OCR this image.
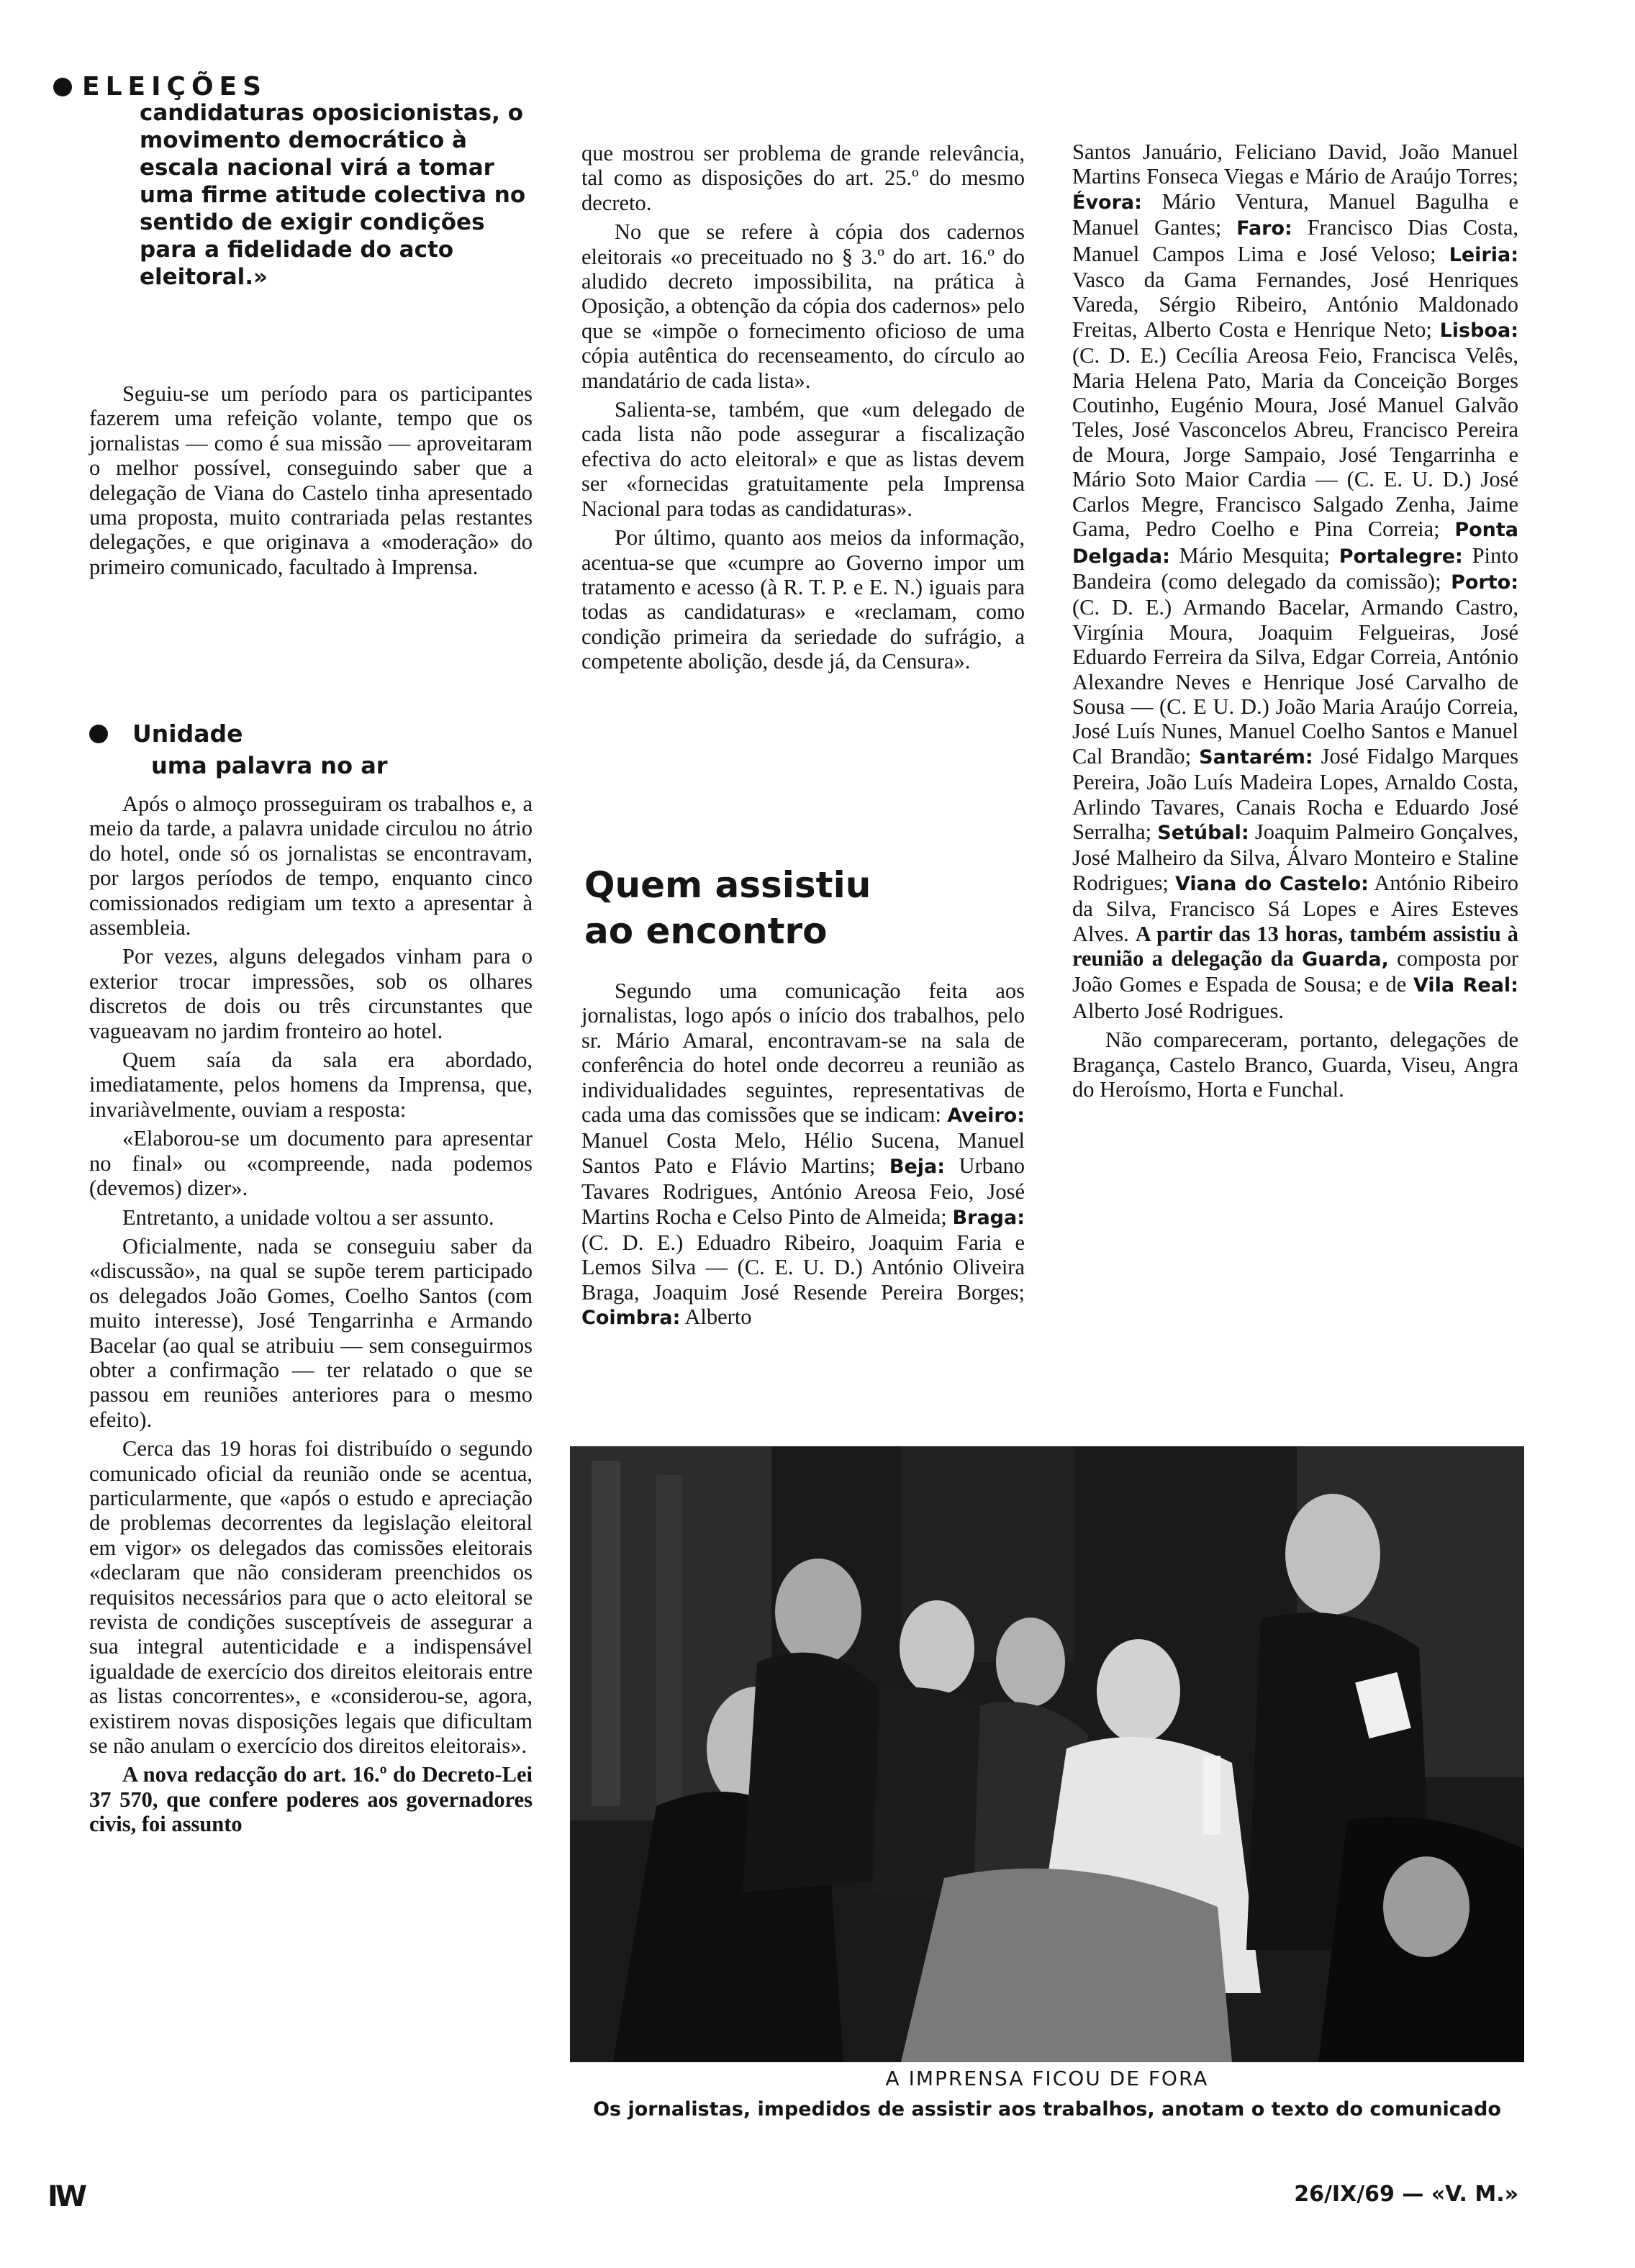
ELEIÇÕES

candidaturas oposicionistas, o movimento democrático à escala nacional virá a tomar uma firme atitude colectiva no sentido de exigir condições para a fidelidade do acto eleitoral.»

Seguiu-se um período para os participantes fazerem uma refeição volante, tempo que os jornalistas — como é sua missão — aproveitaram o melhor possível, conseguindo saber que a delegação de Viana do Castelo tinha apresentado uma proposta, muito contrariada pelas restantes delegações, e que originava a «moderação» do primeiro comunicado, facultado à Imprensa.

Unidade
uma palavra no ar

Após o almoço prosseguiram os trabalhos e, a meio da tarde, a palavra unidade circulou no átrio do hotel, onde só os jornalistas se encontravam, por largos períodos de tempo, enquanto cinco comissionados redigiam um texto a apresentar à assembleia.

Por vezes, alguns delegados vinham para o exterior trocar impressões, sob os olhares discretos de dois ou três circunstantes que vagueavam no jardim fronteiro ao hotel.

Quem saía da sala era abordado, imediatamente, pelos homens da Imprensa, que, invariàvelmente, ouviam a resposta:

«Elaborou-se um documento para apresentar no final» ou «compreende, nada podemos (devemos) dizer».

Entretanto, a unidade voltou a ser assunto.

Oficialmente, nada se conseguiu saber da «discussão», na qual se supõe terem participado os delegados João Gomes, Coelho Santos (com muito interesse), José Tengarrinha e Armando Bacelar (ao qual se atribuiu — sem conseguirmos obter a confirmação — ter relatado o que se passou em reuniões anteriores para o mesmo efeito).

Cerca das 19 horas foi distribuído o segundo comunicado oficial da reunião onde se acentua, particularmente, que «após o estudo e apreciação de problemas decorrentes da legislação eleitoral em vigor» os delegados das comissões eleitorais «declaram que não consideram preenchidos os requisitos necessários para que o acto eleitoral se revista de condições susceptíveis de assegurar a sua integral autenticidade e a indispensável igualdade de exercício dos direitos eleitorais entre as listas concorrentes», e «considerou-se, agora, existirem novas disposições legais que dificultam se não anulam o exercício dos direitos eleitorais».

A nova redacção do art. 16.º do Decreto-Lei 37 570, que confere poderes aos governadores civis, foi assunto

que mostrou ser problema de grande relevância, tal como as disposições do art. 25.º do mesmo decreto.

No que se refere à cópia dos cadernos eleitorais «o preceituado no § 3.º do art. 16.º do aludido decreto impossibilita, na prática à Oposição, a obtenção da cópia dos cadernos» pelo que se «impõe o fornecimento oficioso de uma cópia autêntica do recenseamento, do círculo ao mandatário de cada lista».

Salienta-se, também, que «um delegado de cada lista não pode assegurar a fiscalização efectiva do acto eleitoral» e que as listas devem ser «fornecidas gratuitamente pela Imprensa Nacional para todas as candidaturas».

Por último, quanto aos meios da informação, acentua-se que «cumpre ao Governo impor um tratamento e acesso (à R. T. P. e E. N.) iguais para todas as candidaturas» e «reclamam, como condição primeira da seriedade do sufrágio, a competente abolição, desde já, da Censura».

Quem assistiu
ao encontro

Segundo uma comunicação feita aos jornalistas, logo após o início dos trabalhos, pelo sr. Mário Amaral, encontravam-se na sala de conferência do hotel onde decorreu a reunião as individualidades seguintes, representativas de cada uma das comissões que se indicam: Aveiro: Manuel Costa Melo, Hélio Sucena, Manuel Santos Pato e Flávio Martins; Beja: Urbano Tavares Rodrigues, António Areosa Feio, José Martins Rocha e Celso Pinto de Almeida; Braga: (C. D. E.) Eduadro Ribeiro, Joaquim Faria e Lemos Silva — (C. E. U. D.) António Oliveira Braga, Joaquim José Resende Pereira Borges; Coimbra: Alberto

Santos Januário, Feliciano David, João Manuel Martins Fonseca Viegas e Mário de Araújo Torres; Évora: Mário Ventura, Manuel Bagulha e Manuel Gantes; Faro: Francisco Dias Costa, Manuel Campos Lima e José Veloso; Leiria: Vasco da Gama Fernandes, José Henriques Vareda, Sérgio Ribeiro, António Maldonado Freitas, Alberto Costa e Henrique Neto; Lisboa: (C. D. E.) Cecília Areosa Feio, Francisca Velês, Maria Helena Pato, Maria da Conceição Borges Coutinho, Eugénio Moura, José Manuel Galvão Teles, José Vasconcelos Abreu, Francisco Pereira de Moura, Jorge Sampaio, José Tengarrinha e Mário Soto Maior Cardia — (C. E. U. D.) José Carlos Megre, Francisco Salgado Zenha, Jaime Gama, Pedro Coelho e Pina Correia; Ponta Delgada: Mário Mesquita; Portalegre: Pinto Bandeira (como delegado da comissão); Porto: (C. D. E.) Armando Bacelar, Armando Castro, Virgínia Moura, Joaquim Felgueiras, José Eduardo Ferreira da Silva, Edgar Correia, António Alexandre Neves e Henrique José Carvalho de Sousa — (C. E U. D.) João Maria Araújo Correia, José Luís Nunes, Manuel Coelho Santos e Manuel Cal Brandão; Santarém: José Fidalgo Marques Pereira, João Luís Madeira Lopes, Arnaldo Costa, Arlindo Tavares, Canais Rocha e Eduardo José Serralha; Setúbal: Joaquim Palmeiro Gonçalves, José Malheiro da Silva, Álvaro Monteiro e Staline Rodrigues; Viana do Castelo: António Ribeiro da Silva, Francisco Sá Lopes e Aires Esteves Alves. A partir das 13 horas, também assistiu à reunião a delegação da Guarda, composta por João Gomes e Espada de Sousa; e de Vila Real: Alberto José Rodrigues.

Não compareceram, portanto, delegações de Bragança, Castelo Branco, Guarda, Viseu, Angra do Heroísmo, Horta e Funchal.

A IMPRENSA FICOU DE FORA
Os jornalistas, impedidos de assistir aos trabalhos, anotam o texto do comunicado
IW	26/IX/69 — «V. M.»
